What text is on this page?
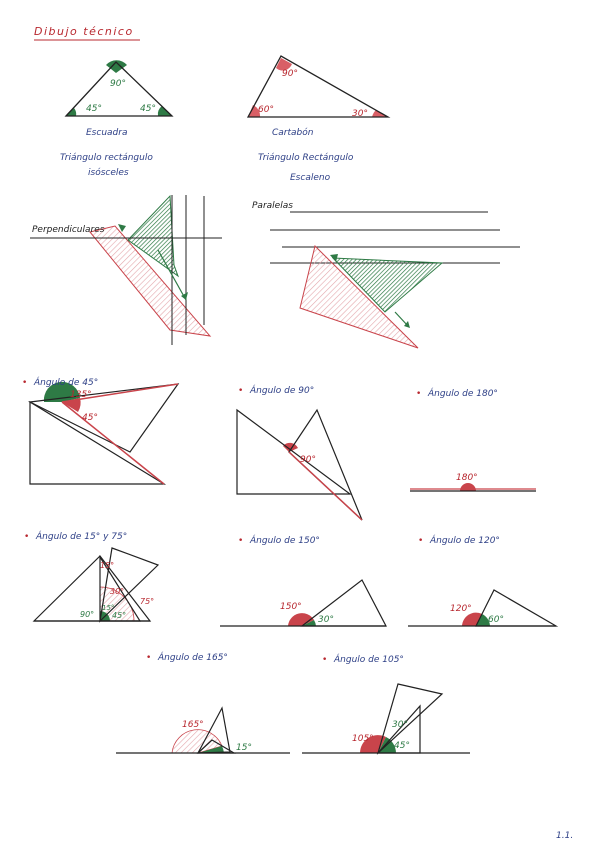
Dibujo técnico
90°
45°	45°
Escuadra
Triángulo rectángulo
isósceles
90°
60°	30°
Cartabón
Triángulo Rectángulo
Escaleno
Perpendiculares
Paralelas
135°
45°
• Ángulo de 45°
90°
• Ángulo de 90°
180°
• Ángulo de 180°
15°
30°
75°
90° 45°
15°
• Ángulo de 15° y 75°
150°
30°
• Ángulo de 150°
120°
60°
• Ángulo de 120°
165°
15°
• Ángulo de 165°
105°
30°
45°
• Ángulo de 105°
1.1.
